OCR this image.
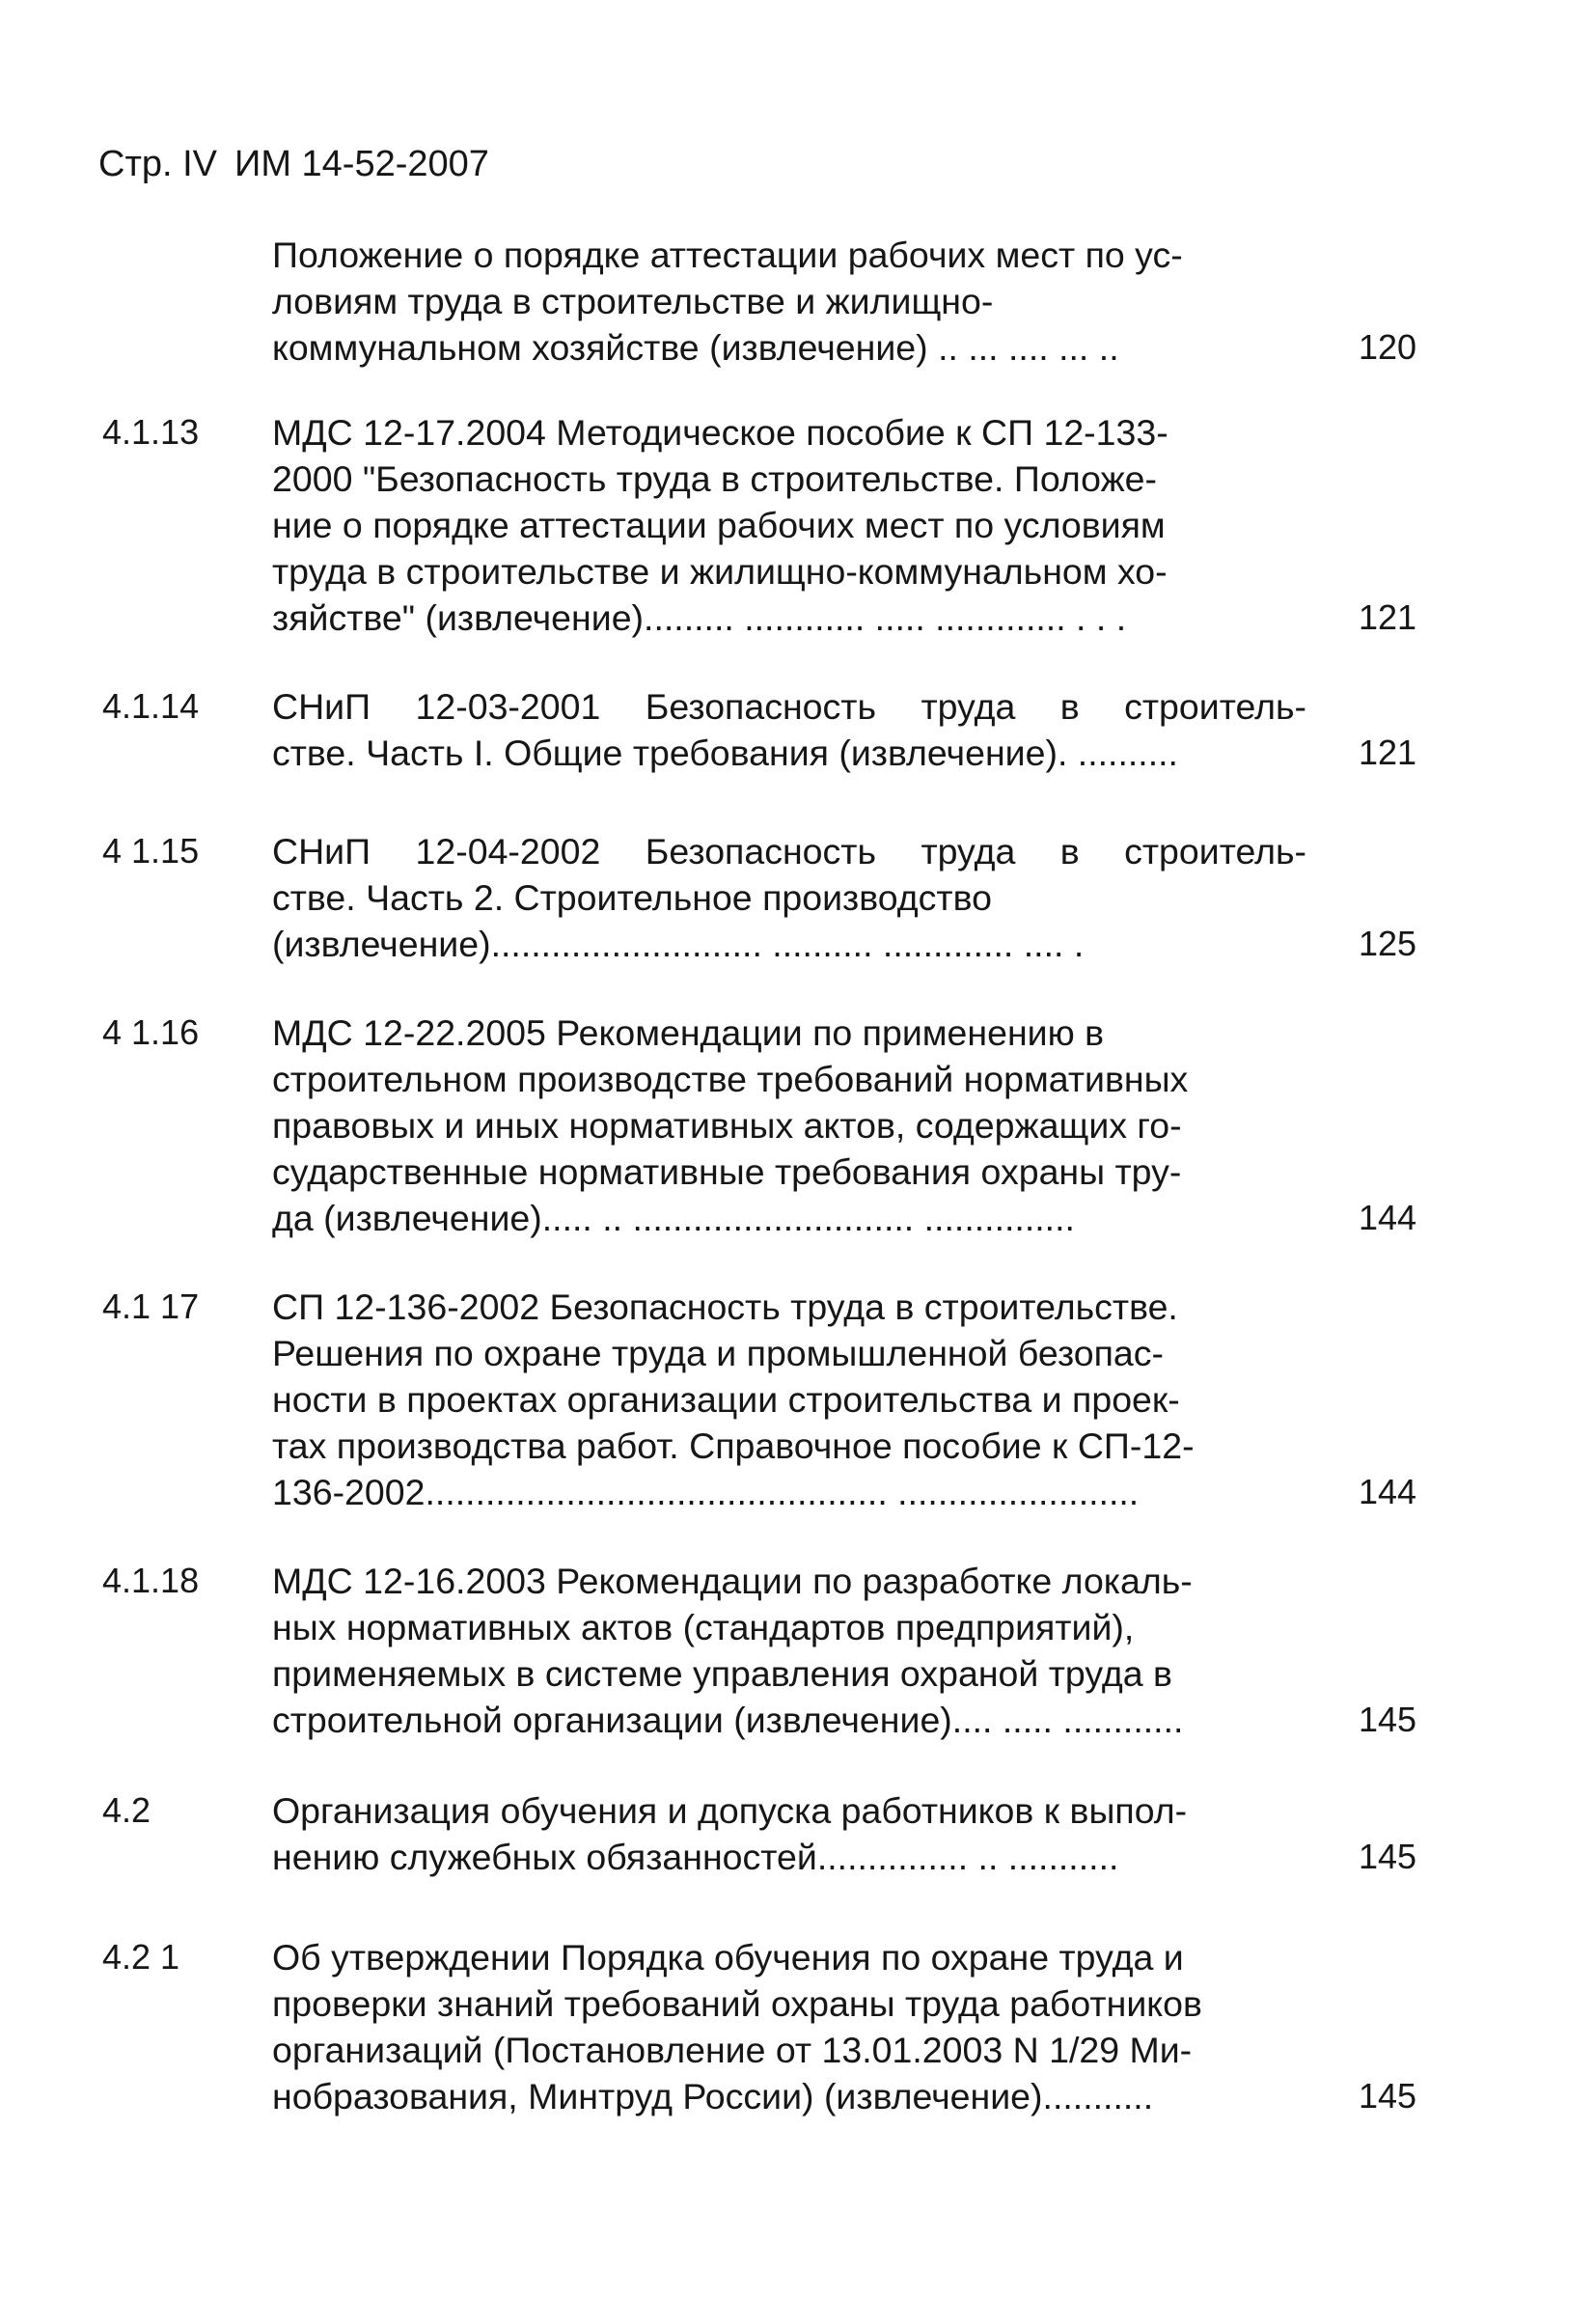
Стр. IV ИМ 14-52-2007
Положение о порядке аттестации рабочих мест по ус-
ловиям труда в строительстве и жилищно-
коммунальном хозяйстве (извлечение) .. ... .... ... ..	120
4.1.13 МДС 12-17.2004 Методическое пособие к СП 12-133-
2000 "Безопасность труда в строительстве. Положе-
ние о порядке аттестации рабочих мест по условиям
труда в строительстве и жилищно-коммунальном хо-
зяйстве" (извлечение)......... ............ ..... ............. . . .	121
4.1.14 СНиП 12-03-2001 Безопасность труда в строитель-
стве. Часть I. Общие требования (извлечение). ..........	121
4 1.15 СНиП 12-04-2002 Безопасность труда в строитель-
стве. Часть 2. Строительное производство
(извлечение)........................... .......... ............. .... .	125
4 1.16 МДС 12-22.2005 Рекомендации по применению в
строительном производстве требований нормативных
правовых и иных нормативных актов, содержащих го-
сударственные нормативные требования охраны тру-
да (извлечение)..... .. ............................ ...............	144
4.1 17 СП 12-136-2002 Безопасность труда в строительстве.
Решения по охране труда и промышленной безопас-
ности в проектах организации строительства и проек-
тах производства работ. Справочное пособие к СП-12-
136-2002.............................................. ........................	144
4.1.18 МДС 12-16.2003 Рекомендации по разработке локаль-
ных нормативных актов (стандартов предприятий),
применяемых в системе управления охраной труда в
строительной организации (извлечение).... ..... ............	145
4.2	Организация обучения и допуска работников к выпол-
нению служебных обязанностей............... .. ...........	145
4.2 1	Об утверждении Порядка обучения по охране труда и
проверки знаний требований охраны труда работников
организаций (Постановление от 13.01.2003 N 1/29 Ми-
нобразования, Минтруд России) (извлечение)...........	145
